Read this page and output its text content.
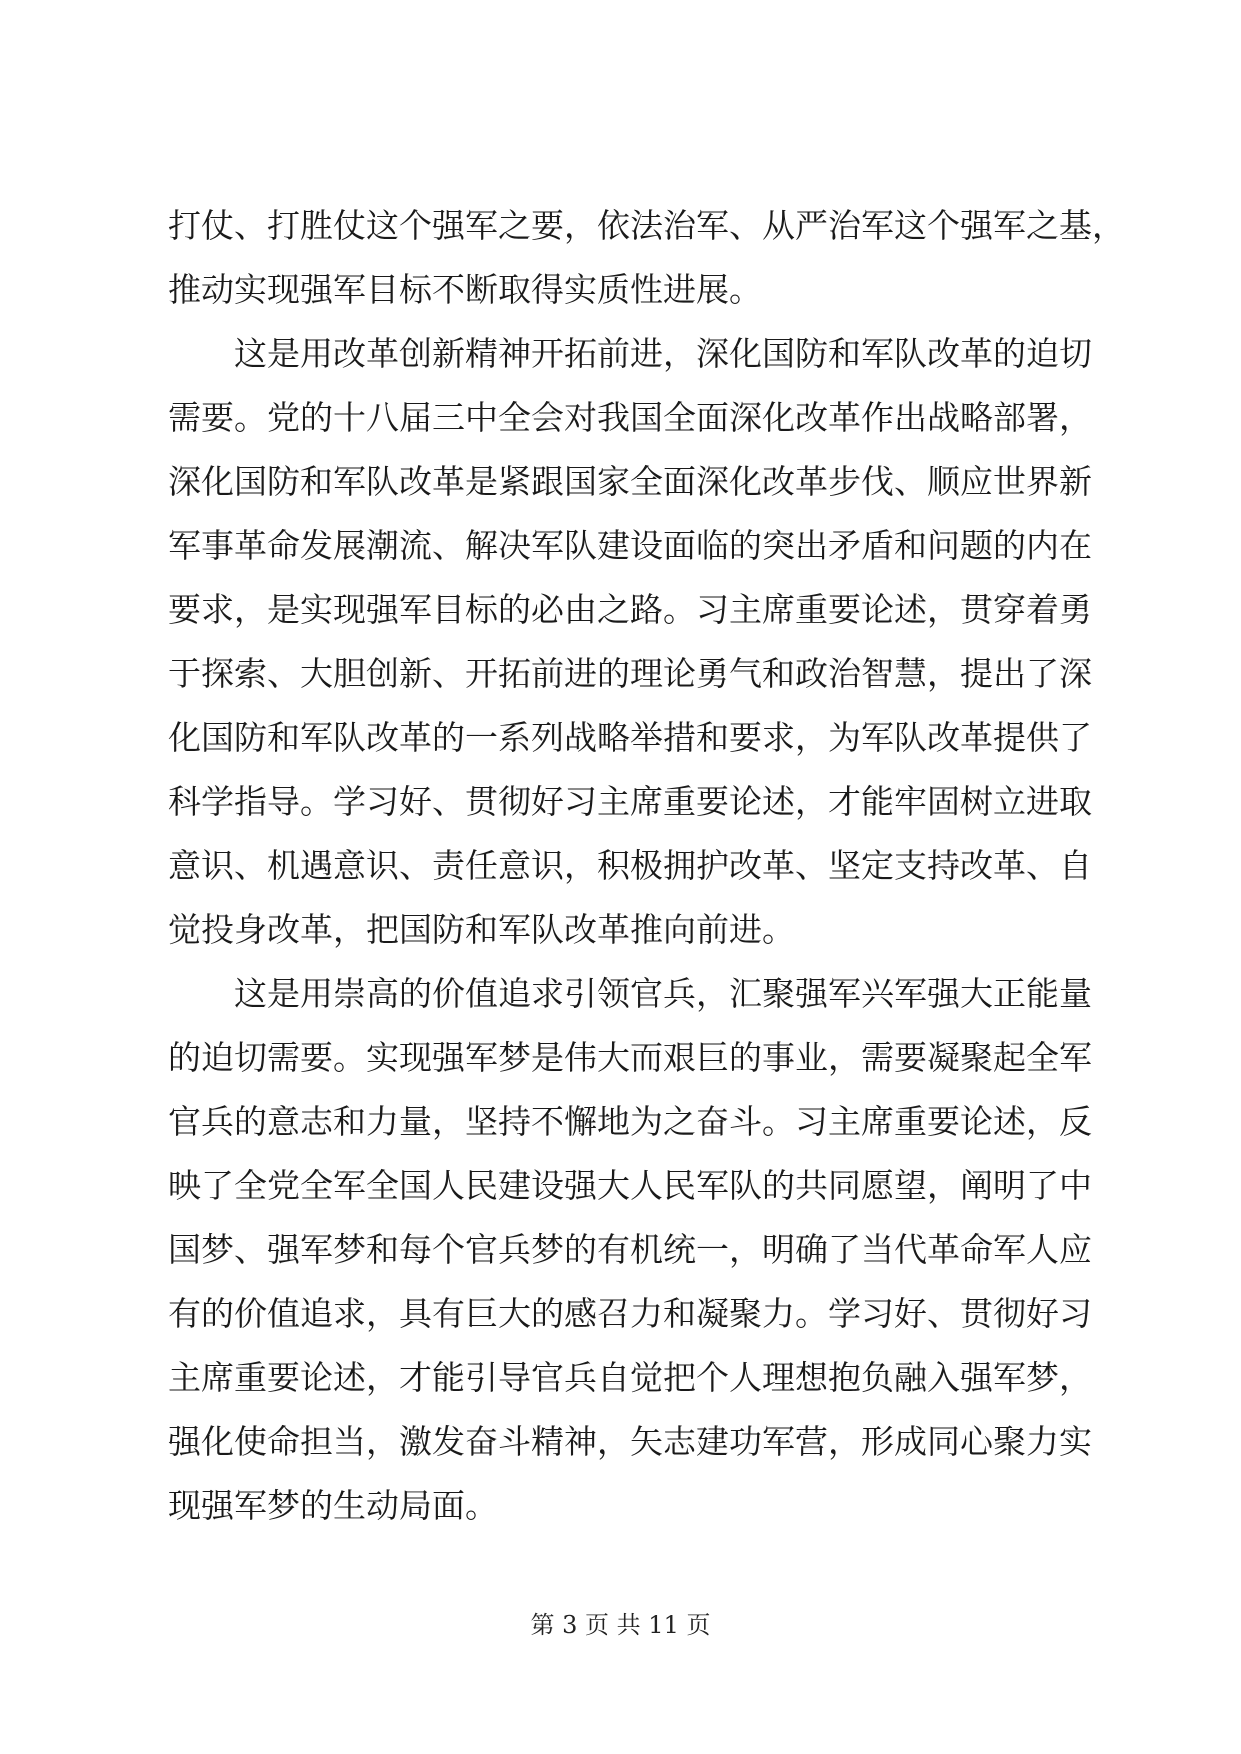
打仗、打胜仗这个强军之要，依法治军、从严治军这个强军之基，
推动实现强军目标不断取得实质性进展。
这是用改革创新精神开拓前进，深化国防和军队改革的迫切
需要。党的十八届三中全会对我国全面深化改革作出战略部署，
深化国防和军队改革是紧跟国家全面深化改革步伐、顺应世界新
军事革命发展潮流、解决军队建设面临的突出矛盾和问题的内在
要求，是实现强军目标的必由之路。习主席重要论述，贯穿着勇
于探索、大胆创新、开拓前进的理论勇气和政治智慧，提出了深
化国防和军队改革的一系列战略举措和要求，为军队改革提供了
科学指导。学习好、贯彻好习主席重要论述，才能牢固树立进取
意识、机遇意识、责任意识，积极拥护改革、坚定支持改革、自
觉投身改革，把国防和军队改革推向前进。
这是用崇高的价值追求引领官兵，汇聚强军兴军强大正能量
的迫切需要。实现强军梦是伟大而艰巨的事业，需要凝聚起全军
官兵的意志和力量，坚持不懈地为之奋斗。习主席重要论述，反
映了全党全军全国人民建设强大人民军队的共同愿望，阐明了中
国梦、强军梦和每个官兵梦的有机统一，明确了当代革命军人应
有的价值追求，具有巨大的感召力和凝聚力。学习好、贯彻好习
主席重要论述，才能引导官兵自觉把个人理想抱负融入强军梦，
强化使命担当，激发奋斗精神，矢志建功军营，形成同心聚力实
现强军梦的生动局面。
第 3 页 共 11 页
